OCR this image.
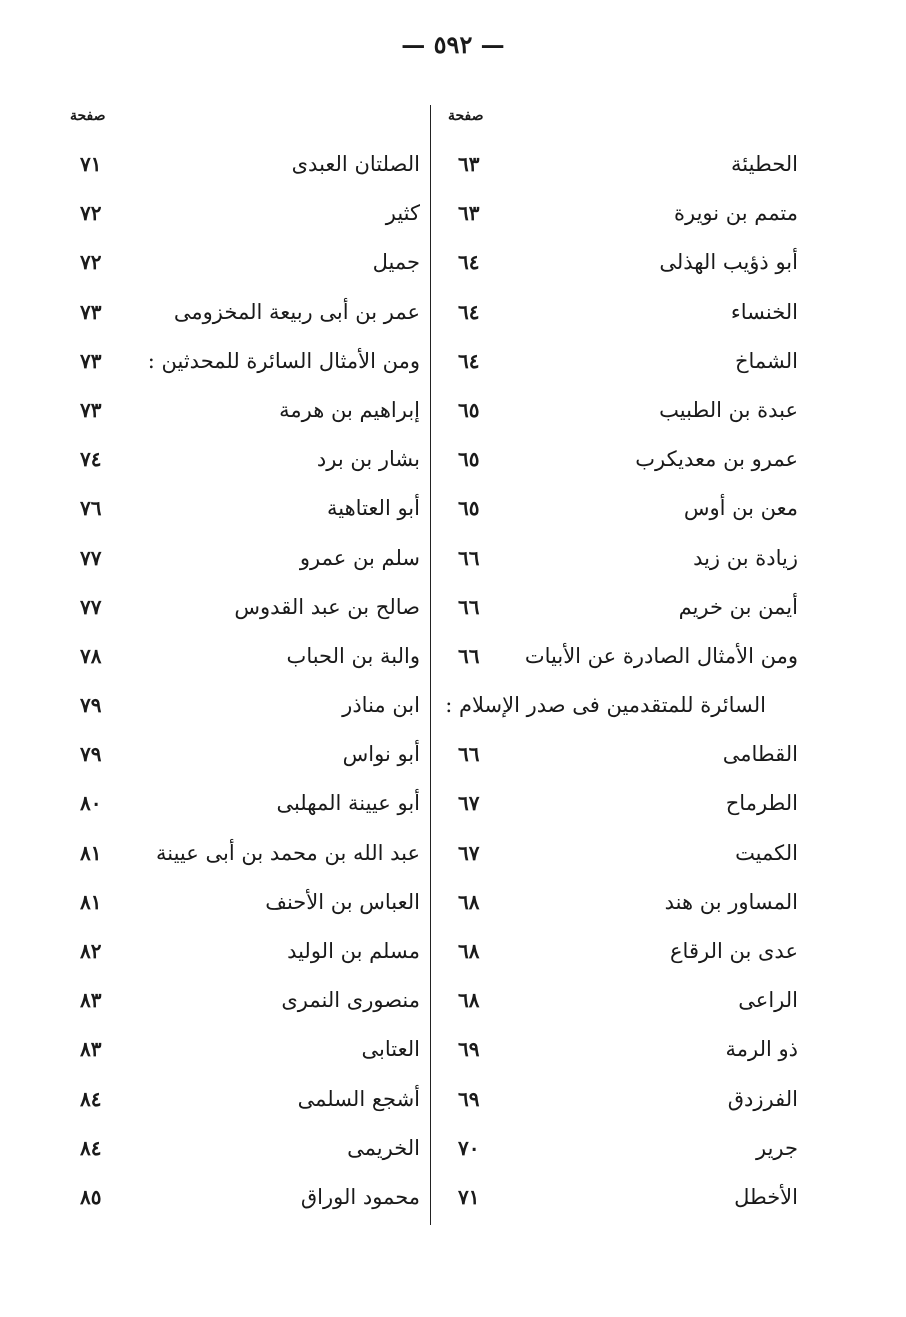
— ٥٩٢ —
صفحة	صفحة
الصلتان العبدى
٧١
كثير
٧٢
جميل
٧٢
عمر بن أبى ربيعة المخزومى
٧٣
ومن الأمثال السائرة للمحدثين :
٧٣
إبراهيم بن هرمة
٧٣
بشار بن برد
٧٤
أبو العتاهية
٧٦
سلم بن عمرو
٧٧
صالح بن عبد القدوس
٧٧
والبة بن الحباب
٧٨
ابن مناذر
٧٩
أبو نواس
٧٩
أبو عيينة المهلبى
٨٠
عبد الله بن محمد بن أبى عيينة
٨١
العباس بن الأحنف
٨١
مسلم بن الوليد
٨٢
منصورى النمرى
٨٣
العتابى
٨٣
أشجع السلمى
٨٤
الخريمى
٨٤
محمود الوراق
٨٥
الحطيئة
٦٣
متمم بن نويرة
٦٣
أبو ذؤيب الهذلى
٦٤
الخنساء
٦٤
الشماخ
٦٤
عبدة بن الطبيب
٦٥
عمرو بن معديكرب
٦٥
معن بن أوس
٦٥
زيادة بن زيد
٦٦
أيمن بن خريم
٦٦
ومن الأمثال الصادرة عن الأبيات
٦٦
السائرة للمتقدمين فى صدر الإسلام :
القطامى
٦٦
الطرماح
٦٧
الكميت
٦٧
المساور بن هند
٦٨
عدى بن الرقاع
٦٨
الراعى
٦٨
ذو الرمة
٦٩
الفرزدق
٦٩
جرير
٧٠
الأخطل
٧١
